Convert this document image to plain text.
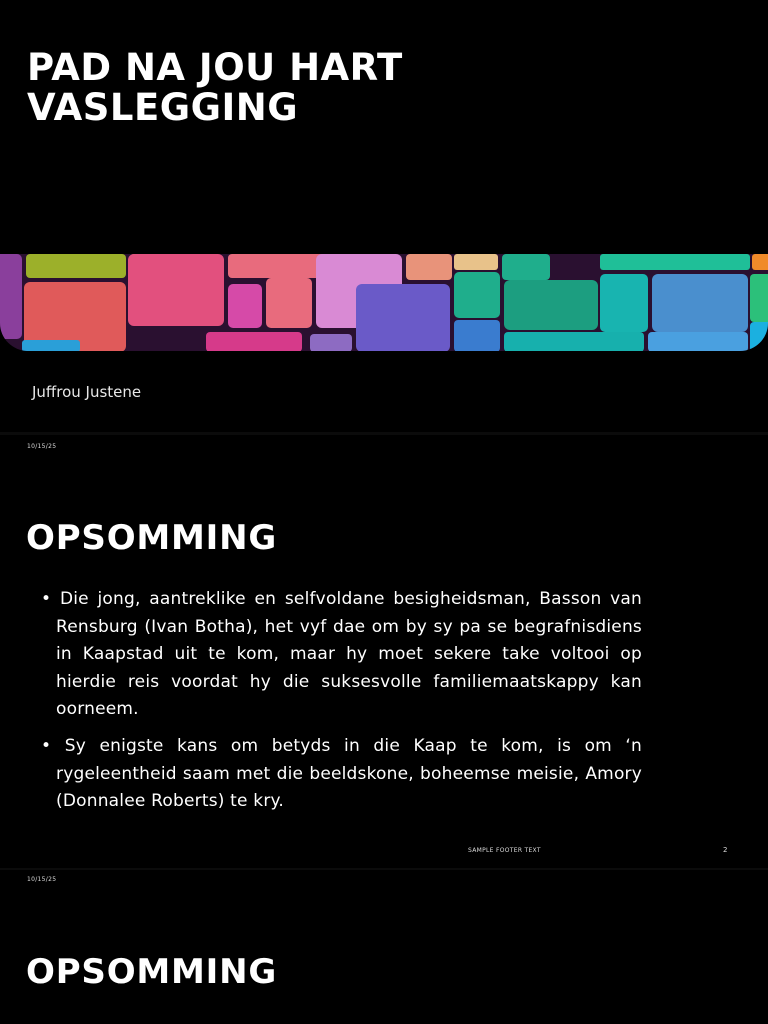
PAD NA JOU HART
VASLEGGING
Juffrou Justene
10/15/25
OPSOMMING
• Die jong, aantreklike en selfvoldane besigheidsman, Basson van Rensburg (Ivan Botha), het vyf dae om by sy pa se begrafnisdiens in Kaapstad uit te kom, maar hy moet sekere take voltooi op hierdie reis voordat hy die suksesvolle familiemaatskappy kan oorneem.
• Sy enigste kans om betyds in die Kaap te kom, is om ‘n rygeleentheid saam met die beeldskone, boheemse meisie, Amory (Donnalee Roberts) te kry.
SAMPLE FOOTER TEXT	2
10/15/25
OPSOMMING
